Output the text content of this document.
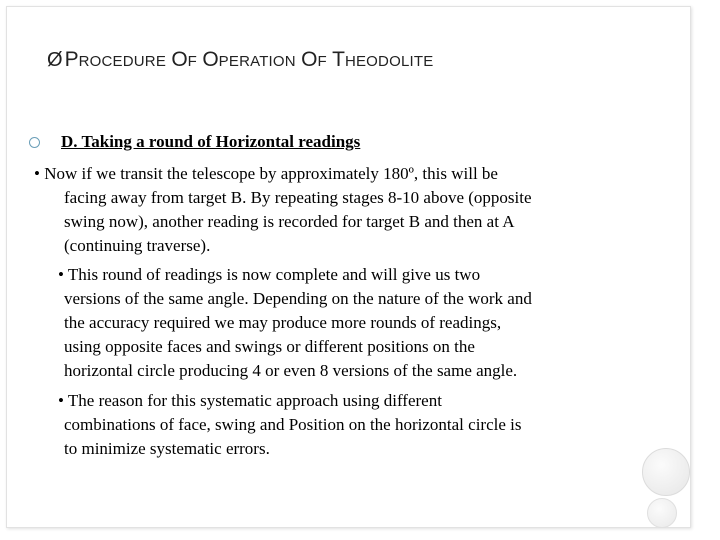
Ø PROCEDURE OF OPERATION OF THEODOLITE
D. Taking a round of Horizontal readings
• Now if we transit the telescope by approximately 180º, this will be
facing away from target B. By repeating stages 8-10 above (opposite
swing now), another reading is recorded for target B and then at A
(continuing traverse).
• This round of readings is now complete and will give us two
versions of the same angle. Depending on the nature of the work and
the accuracy required we may produce more rounds of readings,
using opposite faces and swings or different positions on the
horizontal circle producing 4 or even 8 versions of the same angle.
• The reason for this systematic approach using different
combinations of face, swing and Position on the horizontal circle is
to minimize systematic errors.
